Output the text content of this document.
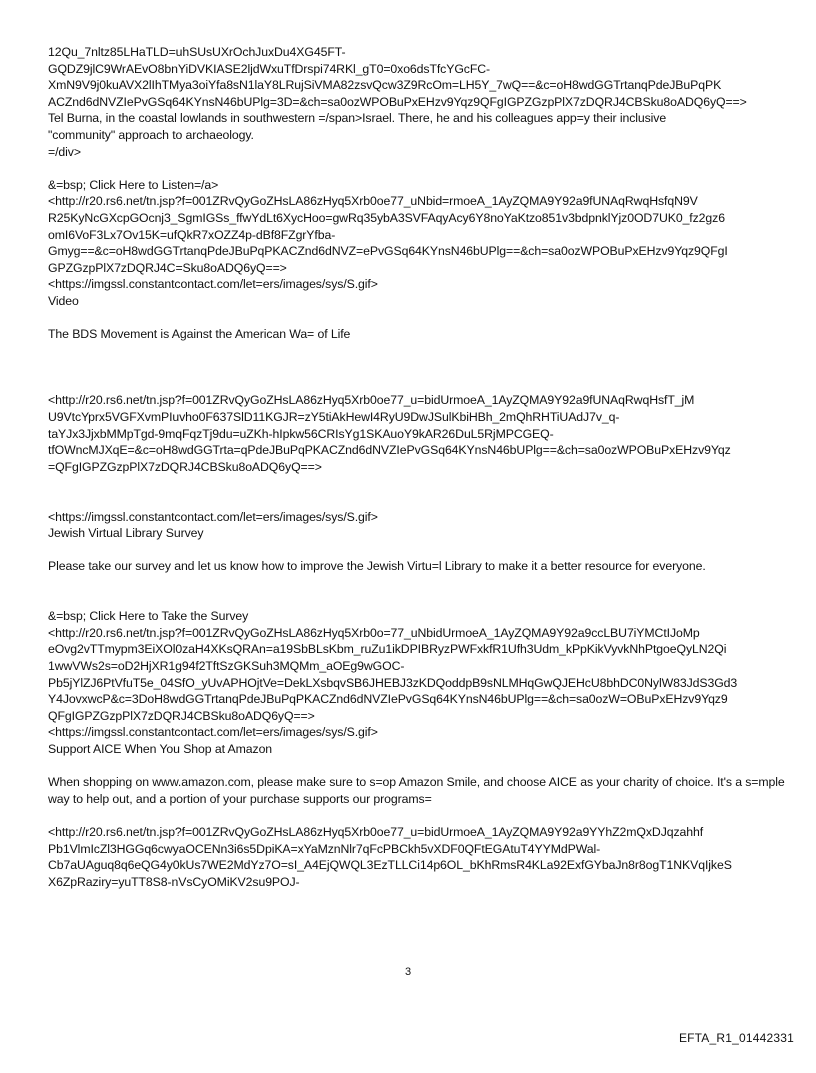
12Qu_7nltz85LHaTLD=uhSUsUXrOchJuxDu4XG45FT-
GQDZ9jlC9WrAEvO8bnYiDVKIASE2ljdWxuTfDrspi74RKl_gT0=0xo6dsTfcYGcFC-
XmN9V9j0kuAVX2lIhTMya3oiYfa8sN1laY8LRujSiVMA82zsvQcw3Z9RcOm=LH5Y_7wQ==&c=oH8wdGGTrtanqPdeJBuPqPK
ACZnd6dNVZIePvGSq64KYnsN46bUPlg=3D=&ch=sa0ozWPOBuPxEHzv9Yqz9QFgIGPZGzpPlX7zDQRJ4CBSku8oADQ6yQ==>
Tel Burna, in the coastal lowlands in southwestern =/span>Israel. There, he and his colleagues app=y their inclusive
"community" approach to archaeology.
=/div>
&=bsp; Click Here to Listen=/a>
<http://r20.rs6.net/tn.jsp?f=001ZRvQyGoZHsLA86zHyq5Xrb0oe77_uNbid=rmoeA_1AyZQMA9Y92a9fUNAqRwqHsfqN9V
R25KyNcGXcpGOcnj3_SgmIGSs_ffwYdLt6XycHoo=gwRq35ybA3SVFAqyAcy6Y8noYaKtzo851v3bdpnklYjz0OD7UK0_fz2gz6
omI6VoF3Lx7Ov15K=ufQkR7xOZZ4p-dBf8FZgrYfba-
Gmyg==&c=oH8wdGGTrtanqPdeJBuPqPKACZnd6dNVZ=ePvGSq64KYnsN46bUPlg==&ch=sa0ozWPOBuPxEHzv9Yqz9QFgI
GPZGzpPlX7zDQRJ4C=Sku8oADQ6yQ==>
<https://imgssl.constantcontact.com/let=ers/images/sys/S.gif>
Video
The BDS Movement is Against the American Wa= of Life
<http://r20.rs6.net/tn.jsp?f=001ZRvQyGoZHsLA86zHyq5Xrb0oe77_u=bidUrmoeA_1AyZQMA9Y92a9fUNAqRwqHsfT_jM
U9VtcYprx5VGFXvmPIuvho0F637SlD11KGJR=zY5tiAkHewI4RyU9DwJSulKbiHBh_2mQhRHTiUAdJ7v_q-
taYJx3JjxbMMpTgd-9mqFqzTj9du=uZKh-hIpkw56CRIsYg1SKAuoY9kAR26DuL5RjMPCGEQ-
tfOWncMJXqE=&c=oH8wdGGTrta=qPdeJBuPqPKACZnd6dNVZIePvGSq64KYnsN46bUPlg==&ch=sa0ozWPOBuPxEHzv9Yqz
=QFgIGPZGzpPlX7zDQRJ4CBSku8oADQ6yQ==>
<https://imgssl.constantcontact.com/let=ers/images/sys/S.gif>
Jewish Virtual Library Survey
Please take our survey and let us know how to improve the Jewish Virtu=l Library to make it a better resource for everyone.
&=bsp; Click Here to Take the Survey
<http://r20.rs6.net/tn.jsp?f=001ZRvQyGoZHsLA86zHyq5Xrb0o=77_uNbidUrmoeA_1AyZQMA9Y92a9ccLBU7iYMCtIJoMp
eOvg2vTTmypm3EiXOl0zaH4XKsQRAn=a19SbBLsKbm_ruZu1ikDPIBRyzPWFxkfR1Ufh3Udm_kPpKikVyvkNhPtgoeQyLN2Qi
1wwVWs2s=oD2HjXR1g94f2TftSzGKSuh3MQMm_aOEg9wGOC-
Pb5jYlZJ6PtVfuT5e_04SfO_yUvAPHOjtVe=DekLXsbqvSB6JHEBJ3zKDQoddpB9sNLMHqGwQJEHcU8bhDC0NylW83JdS3Gd3
Y4JovxwcP&c=3DoH8wdGGTrtanqPdeJBuPqPKACZnd6dNVZIePvGSq64KYnsN46bUPlg==&ch=sa0ozW=OBuPxEHzv9Yqz9
QFgIGPZGzpPlX7zDQRJ4CBSku8oADQ6yQ==>
<https://imgssl.constantcontact.com/let=ers/images/sys/S.gif>
Support AICE When You Shop at Amazon
When shopping on www.amazon.com, please make sure to s=op Amazon Smile, and choose AICE as your charity of choice. It's a s=mple way to help out, and a portion of your purchase supports our programs=
<http://r20.rs6.net/tn.jsp?f=001ZRvQyGoZHsLA86zHyq5Xrb0oe77_u=bidUrmoeA_1AyZQMA9Y92a9YYhZ2mQxDJqzahhf
Pb1VlmIcZl3HGGq6cwyaOCENn3i6s5DpiKA=xYaMznNlr7qFcPBCkh5vXDF0QFtEGAtuT4YYMdPWal-
Cb7aUAguq8q6eQG4y0kUs7WE2MdYz7O=sI_A4EjQWQL3EzTLLCi14p6OL_bKhRmsR4KLa92ExfGYbaJn8r8ogT1NKVqIjkeS
X6ZpRaziry=yuTT8S8-nVsCyOMiKV2su9POJ-
3
EFTA_R1_01442331
